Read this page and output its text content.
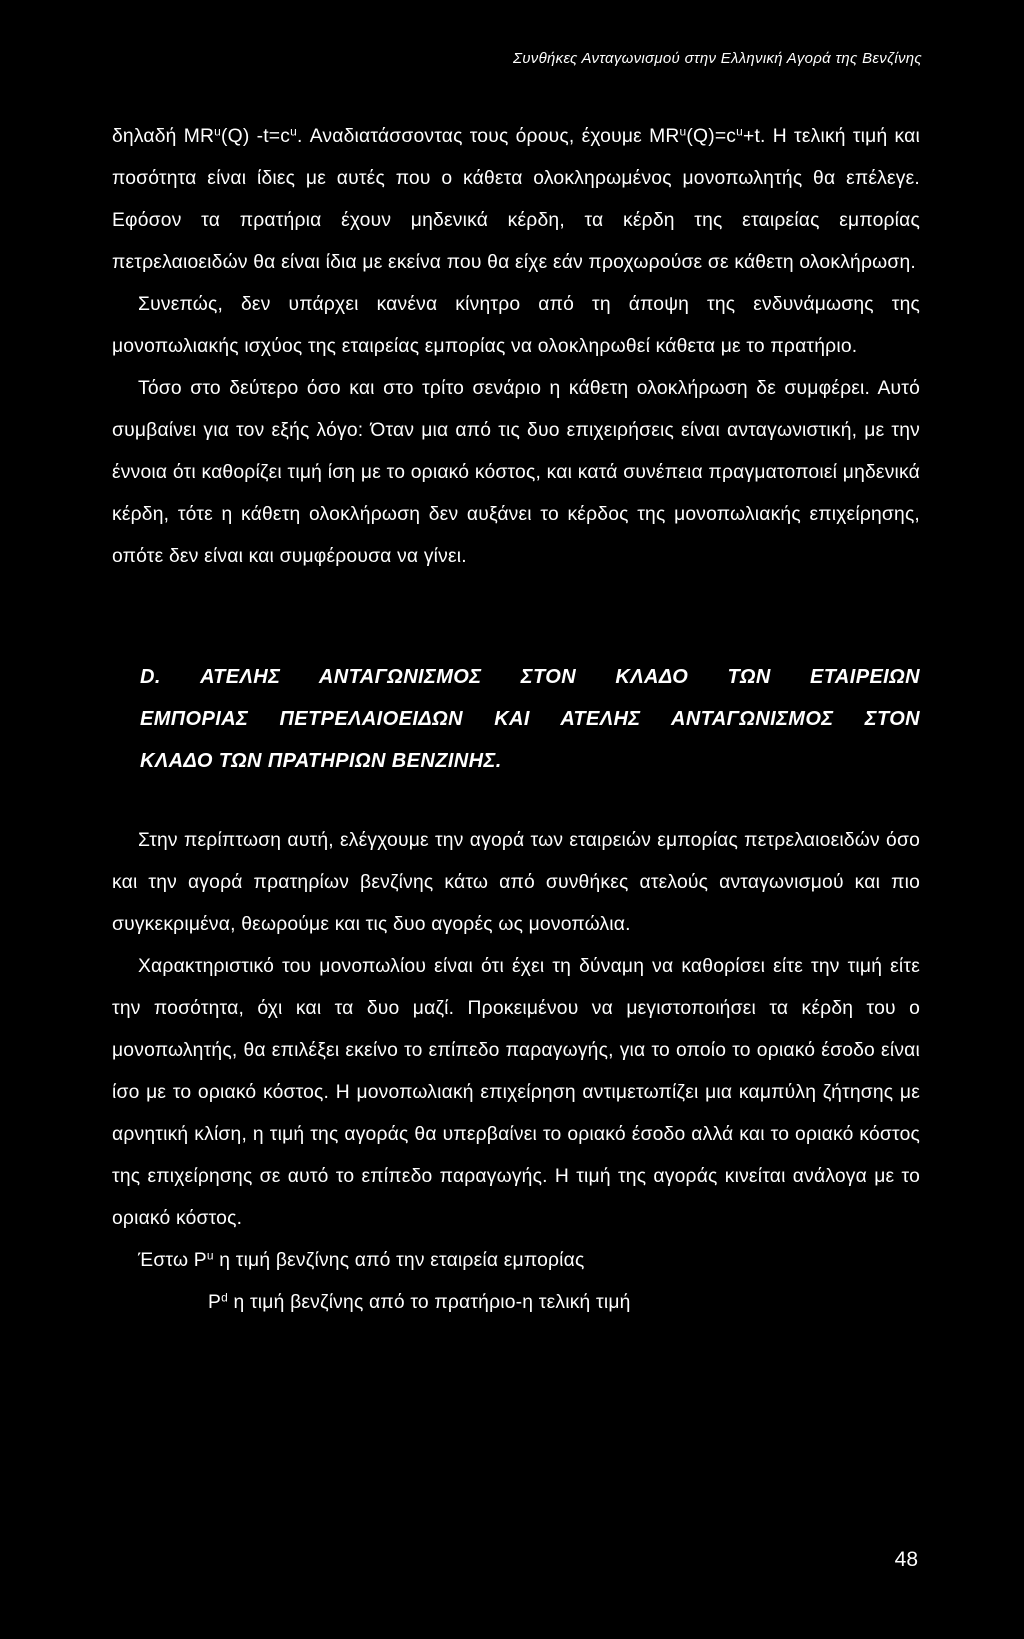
Συνθήκες Ανταγωνισμού στην Ελληνική Αγορά της Βενζίνης

δηλαδή $MR^u(Q)$ $-t=c^u$. Αναδιατάσσοντας τους όρους, έχουμε $MR^u(Q)=c^u+t$. Η τελική τιμή και ποσότητα είναι ίδιες με αυτές που ο κάθετα ολοκληρωμένος μονοπωλητής θα επέλεγε. Εφόσον τα πρατήρια έχουν μηδενικά κέρδη, τα κέρδη της εταιρείας εμπορίας πετρελαιοειδών θα είναι ίδια με εκείνα που θα είχε εάν προχωρούσε σε κάθετη ολοκλήρωση.

Συνεπώς, δεν υπάρχει κανένα κίνητρο από τη άποψη της ενδυνάμωσης της μονοπωλιακής ισχύος της εταιρείας εμπορίας να ολοκληρωθεί κάθετα με το πρατήριο.

Τόσο στο δεύτερο όσο και στο τρίτο σενάριο η κάθετη ολοκλήρωση δε συμφέρει. Αυτό συμβαίνει για τον εξής λόγο: Όταν μια από τις δυο επιχειρήσεις είναι ανταγωνιστική, με την έννοια ότι καθορίζει τιμή ίση με το οριακό κόστος, και κατά συνέπεια πραγματοποιεί μηδενικά κέρδη, τότε η κάθετη ολοκλήρωση δεν αυξάνει το κέρδος της μονοπωλιακής επιχείρησης, οπότε δεν είναι και συμφέρουσα να γίνει.

D. ΑΤΕΛΗΣ ΑΝΤΑΓΩΝΙΣΜΟΣ ΣΤΟΝ ΚΛΑΔΟ ΤΩΝ ΕΤΑΙΡΕΙΩΝ
ΕΜΠΟΡΙΑΣ ΠΕΤΡΕΛΑΙΟΕΙΔΩΝ ΚΑΙ ΑΤΕΛΗΣ ΑΝΤΑΓΩΝΙΣΜΟΣ ΣΤΟΝ
ΚΛΑΔΟ ΤΩΝ ΠΡΑΤΗΡΙΩΝ ΒΕΝΖΙΝΗΣ.

Στην περίπτωση αυτή, ελέγχουμε την αγορά των εταιρειών εμπορίας πετρελαιοειδών όσο και την αγορά πρατηρίων βενζίνης κάτω από συνθήκες ατελούς ανταγωνισμού και πιο συγκεκριμένα, θεωρούμε και τις δυο αγορές ως μονοπώλια.

Χαρακτηριστικό του μονοπωλίου είναι ότι έχει τη δύναμη να καθορίσει είτε την τιμή είτε την ποσότητα, όχι και τα δυο μαζί. Προκειμένου να μεγιστοποιήσει τα κέρδη του ο μονοπωλητής, θα επιλέξει εκείνο το επίπεδο παραγωγής, για το οποίο το οριακό έσοδο είναι ίσο με το οριακό κόστος. Η μονοπωλιακή επιχείρηση αντιμετωπίζει μια καμπύλη ζήτησης με αρνητική κλίση, η τιμή της αγοράς θα υπερβαίνει το οριακό έσοδο αλλά και το οριακό κόστος της επιχείρησης σε αυτό το επίπεδο παραγωγής. Η τιμή της αγοράς κινείται ανάλογα με το οριακό κόστος.

Έστω $P^u$ η τιμή βενζίνης από την εταιρεία εμπορίας

$P^d$ η τιμή βενζίνης από το πρατήριο-η τελική τιμή

48
